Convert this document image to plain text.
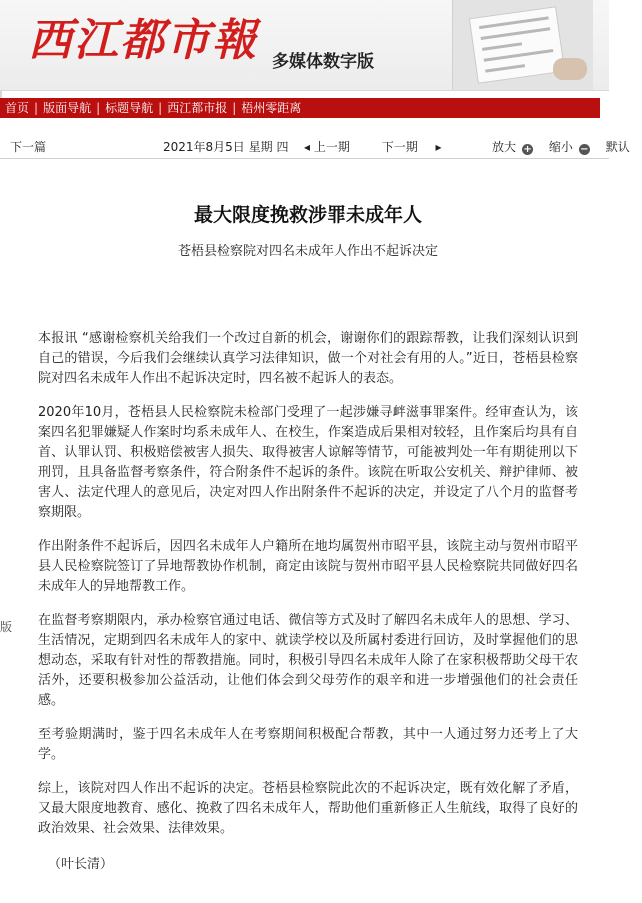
西江都市報 多媒体数字版
首页 | 版面导航 | 标题导航 | 西江都市报 | 梧州零距离
下一篇	2021年8月5日 星期 四 ◂ 上一期	下一期 ▸	放大 + 缩小 − 默认
版
最大限度挽救涉罪未成年人
苍梧县检察院对四名未成年人作出不起诉决定

本报讯 “感谢检察机关给我们一个改过自新的机会，谢谢你们的跟踪帮教，让我们深刻认识到自己的错误，今后我们会继续认真学习法律知识，做一个对社会有用的人。”近日，苍梧县检察院对四名未成年人作出不起诉决定时，四名被不起诉人的表态。

2020年10月，苍梧县人民检察院未检部门受理了一起涉嫌寻衅滋事罪案件。经审查认为，该案四名犯罪嫌疑人作案时均系未成年人、在校生，作案造成后果相对较轻，且作案后均具有自首、认罪认罚、积极赔偿被害人损失、取得被害人谅解等情节，可能被判处一年有期徒刑以下刑罚，且具备监督考察条件，符合附条件不起诉的条件。该院在听取公安机关、辩护律师、被害人、法定代理人的意见后，决定对四人作出附条件不起诉的决定，并设定了八个月的监督考察期限。

作出附条件不起诉后，因四名未成年人户籍所在地均属贺州市昭平县，该院主动与贺州市昭平县人民检察院签订了异地帮教协作机制，商定由该院与贺州市昭平县人民检察院共同做好四名未成年人的异地帮教工作。

在监督考察期限内，承办检察官通过电话、微信等方式及时了解四名未成年人的思想、学习、生活情况，定期到四名未成年人的家中、就读学校以及所属村委进行回访，及时掌握他们的思想动态，采取有针对性的帮教措施。同时，积极引导四名未成年人除了在家积极帮助父母干农活外，还要积极参加公益活动，让他们体会到父母劳作的艰辛和进一步增强他们的社会责任感。

至考验期满时，鉴于四名未成年人在考察期间积极配合帮教，其中一人通过努力还考上了大学。

综上，该院对四人作出不起诉的决定。苍梧县检察院此次的不起诉决定，既有效化解了矛盾，又最大限度地教育、感化、挽救了四名未成年人，帮助他们重新修正人生航线，取得了良好的政治效果、社会效果、法律效果。

（叶长清）
